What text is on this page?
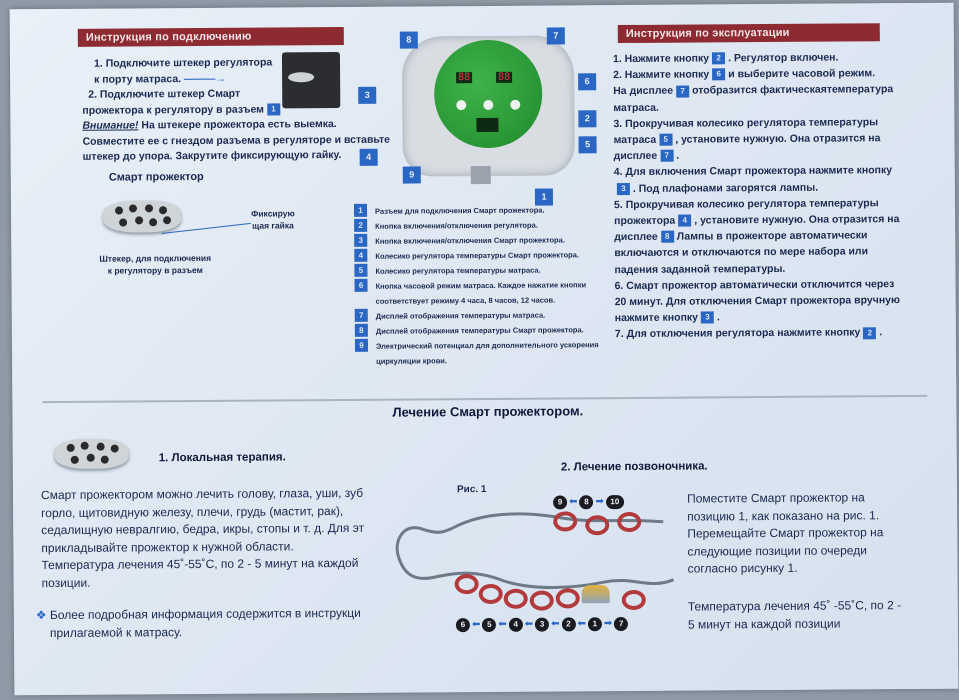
Инструкция по подключению
1. Подключите штекер регулятора
к порту матраса. ———→
2. Подключите штекер Смарт
прожектора к регулятору в разъем 1
Внимание! На штекере прожектора есть выемка.
Совместите ее с гнездом разъема в регуляторе и вставьте
штекер до упора. Закрутите фиксирующую гайку.
Смарт прожектор
Фиксирую
щая гайка
Штекер, для подключения
к регулятору в разъем
88	88
8	7
3
6
2
5
4
9
1
1	Разъем для подключения Смарт прожектора.
2	Кнопка включения/отключения регулятора.
3	Кнопка включения/отключения Смарт прожектора.
4	Колесико регулятора температуры Смарт прожектора.
5	Колесико регулятора температуры матраса.
6	Кнопка часовой режим матраса. Каждое нажатие кнопки соответствует режиму 4 часа, 8 часов, 12 часов.
7	Дисплей отображения температуры матраса.
8	Дисплей отображения температуры Смарт прожектора.
9	Электрический потенциал для дополнительного ускорения циркуляции крови.
Инструкция по эксплуатации
1. Нажмите кнопку 2 . Регулятор включен.
2. Нажмите кнопку 6 и выберите часовой режим.
На дисплее 7 отобразится фактическаятемпература
матраса.
3. Прокручивая колесико регулятора температуры
матраса 5 , установите нужную. Она отразится на
дисплее 7 .
4. Для включения Смарт прожектора нажмите кнопку
3 . Под плафонами загорятся лампы.
5. Прокручивая колесико регулятора температуры
прожектора 4 , установите нужную. Она отразится на
дисплее 8 Лампы в прожекторе автоматически
включаются и отключаются по мере набора или
падения заданной температуры.
6. Смарт прожектор автоматически отключится через
20 минут. Для отключения Смарт прожектора вручную
нажмите кнопку 3 .
7. Для отключения регулятора нажмите кнопку 2 .
Лечение Смарт прожектором.
1. Локальная терапия.
Смарт прожектором можно лечить голову, глаза, уши, зуб
горло, щитовидную железу, плечи, грудь (мастит, рак),
седалищную невралгию, бедра, икры, стопы и т. д. Для эт
прикладывайте прожектор к нужной области.
Температура лечения 45˚-55˚С, по 2 - 5 минут на каждой
позиции.
❖ Более подробная информация содержится в инструкци
прилагаемой к матрасу.
2. Лечение позвоночника.
Рис. 1
9 ⬅ 8 ➡ 10
6 ⬅ 5 ⬅ 4 ⬅ 3 ⬅ 2 ⬅ 1 ➡ 7
Поместите Смарт прожектор на
позицию 1, как показано на рис. 1.
Перемещайте Смарт прожектор на
следующие позиции по очереди
согласно рисунку 1.
Температура лечения 45˚ -55˚С, по 2 -
5 минут на каждой позиции
